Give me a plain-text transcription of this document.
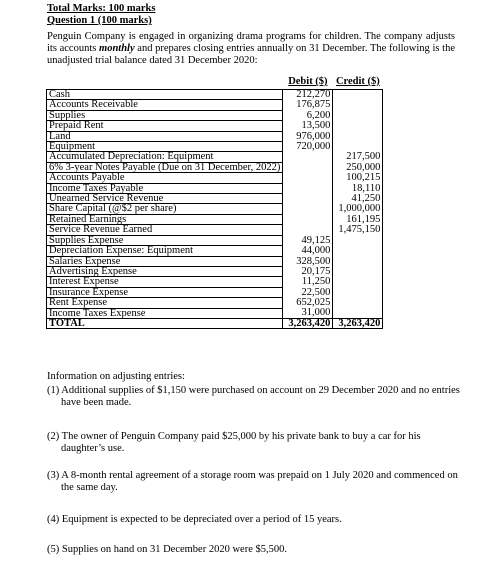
Total Marks: 100 marks
Question 1 (100 marks)
Penguin Company is engaged in organizing drama programs for children. The company adjusts its accounts monthly and prepares closing entries annually on 31 December. The following is the unadjusted trial balance dated 31 December 2020:
	Debit ($)	Credit ($)
Cash	212,270	
Accounts Receivable	176,875	
Supplies	6,200	
Prepaid Rent	13,500	
Land	976,000	
Equipment	720,000	
Accumulated Depreciation: Equipment		217,500
6% 3-year Notes Payable (Due on 31 December, 2022)		250,000
Accounts Payable		100,215
Income Taxes Payable		18,110
Unearned Service Revenue		41,250
Share Capital (@$2 per share)		1,000,000
Retained Earnings		161,195
Service Revenue Earned		1,475,150
Supplies Expense	49,125	
Depreciation Expense: Equipment	44,000	
Salaries Expense	328,500	
Advertising Expense	20,175	
Interest Expense	11,250	
Insurance Expense	22,500	
Rent Expense	652,025	
Income Taxes Expense	31,000	
TOTAL	3,263,420	3,263,420
Information on adjusting entries:
(1) Additional supplies of $1,150 were purchased on account on 29 December 2020 and no entries have been made.
(2) The owner of Penguin Company paid $25,000 by his private bank to buy a car for his daughter’s use.
(3) A 8-month rental agreement of a storage room was prepaid on 1 July 2020 and commenced on the same day.
(4) Equipment is expected to be depreciated over a period of 15 years.
(5) Supplies on hand on 31 December 2020 were $5,500.
